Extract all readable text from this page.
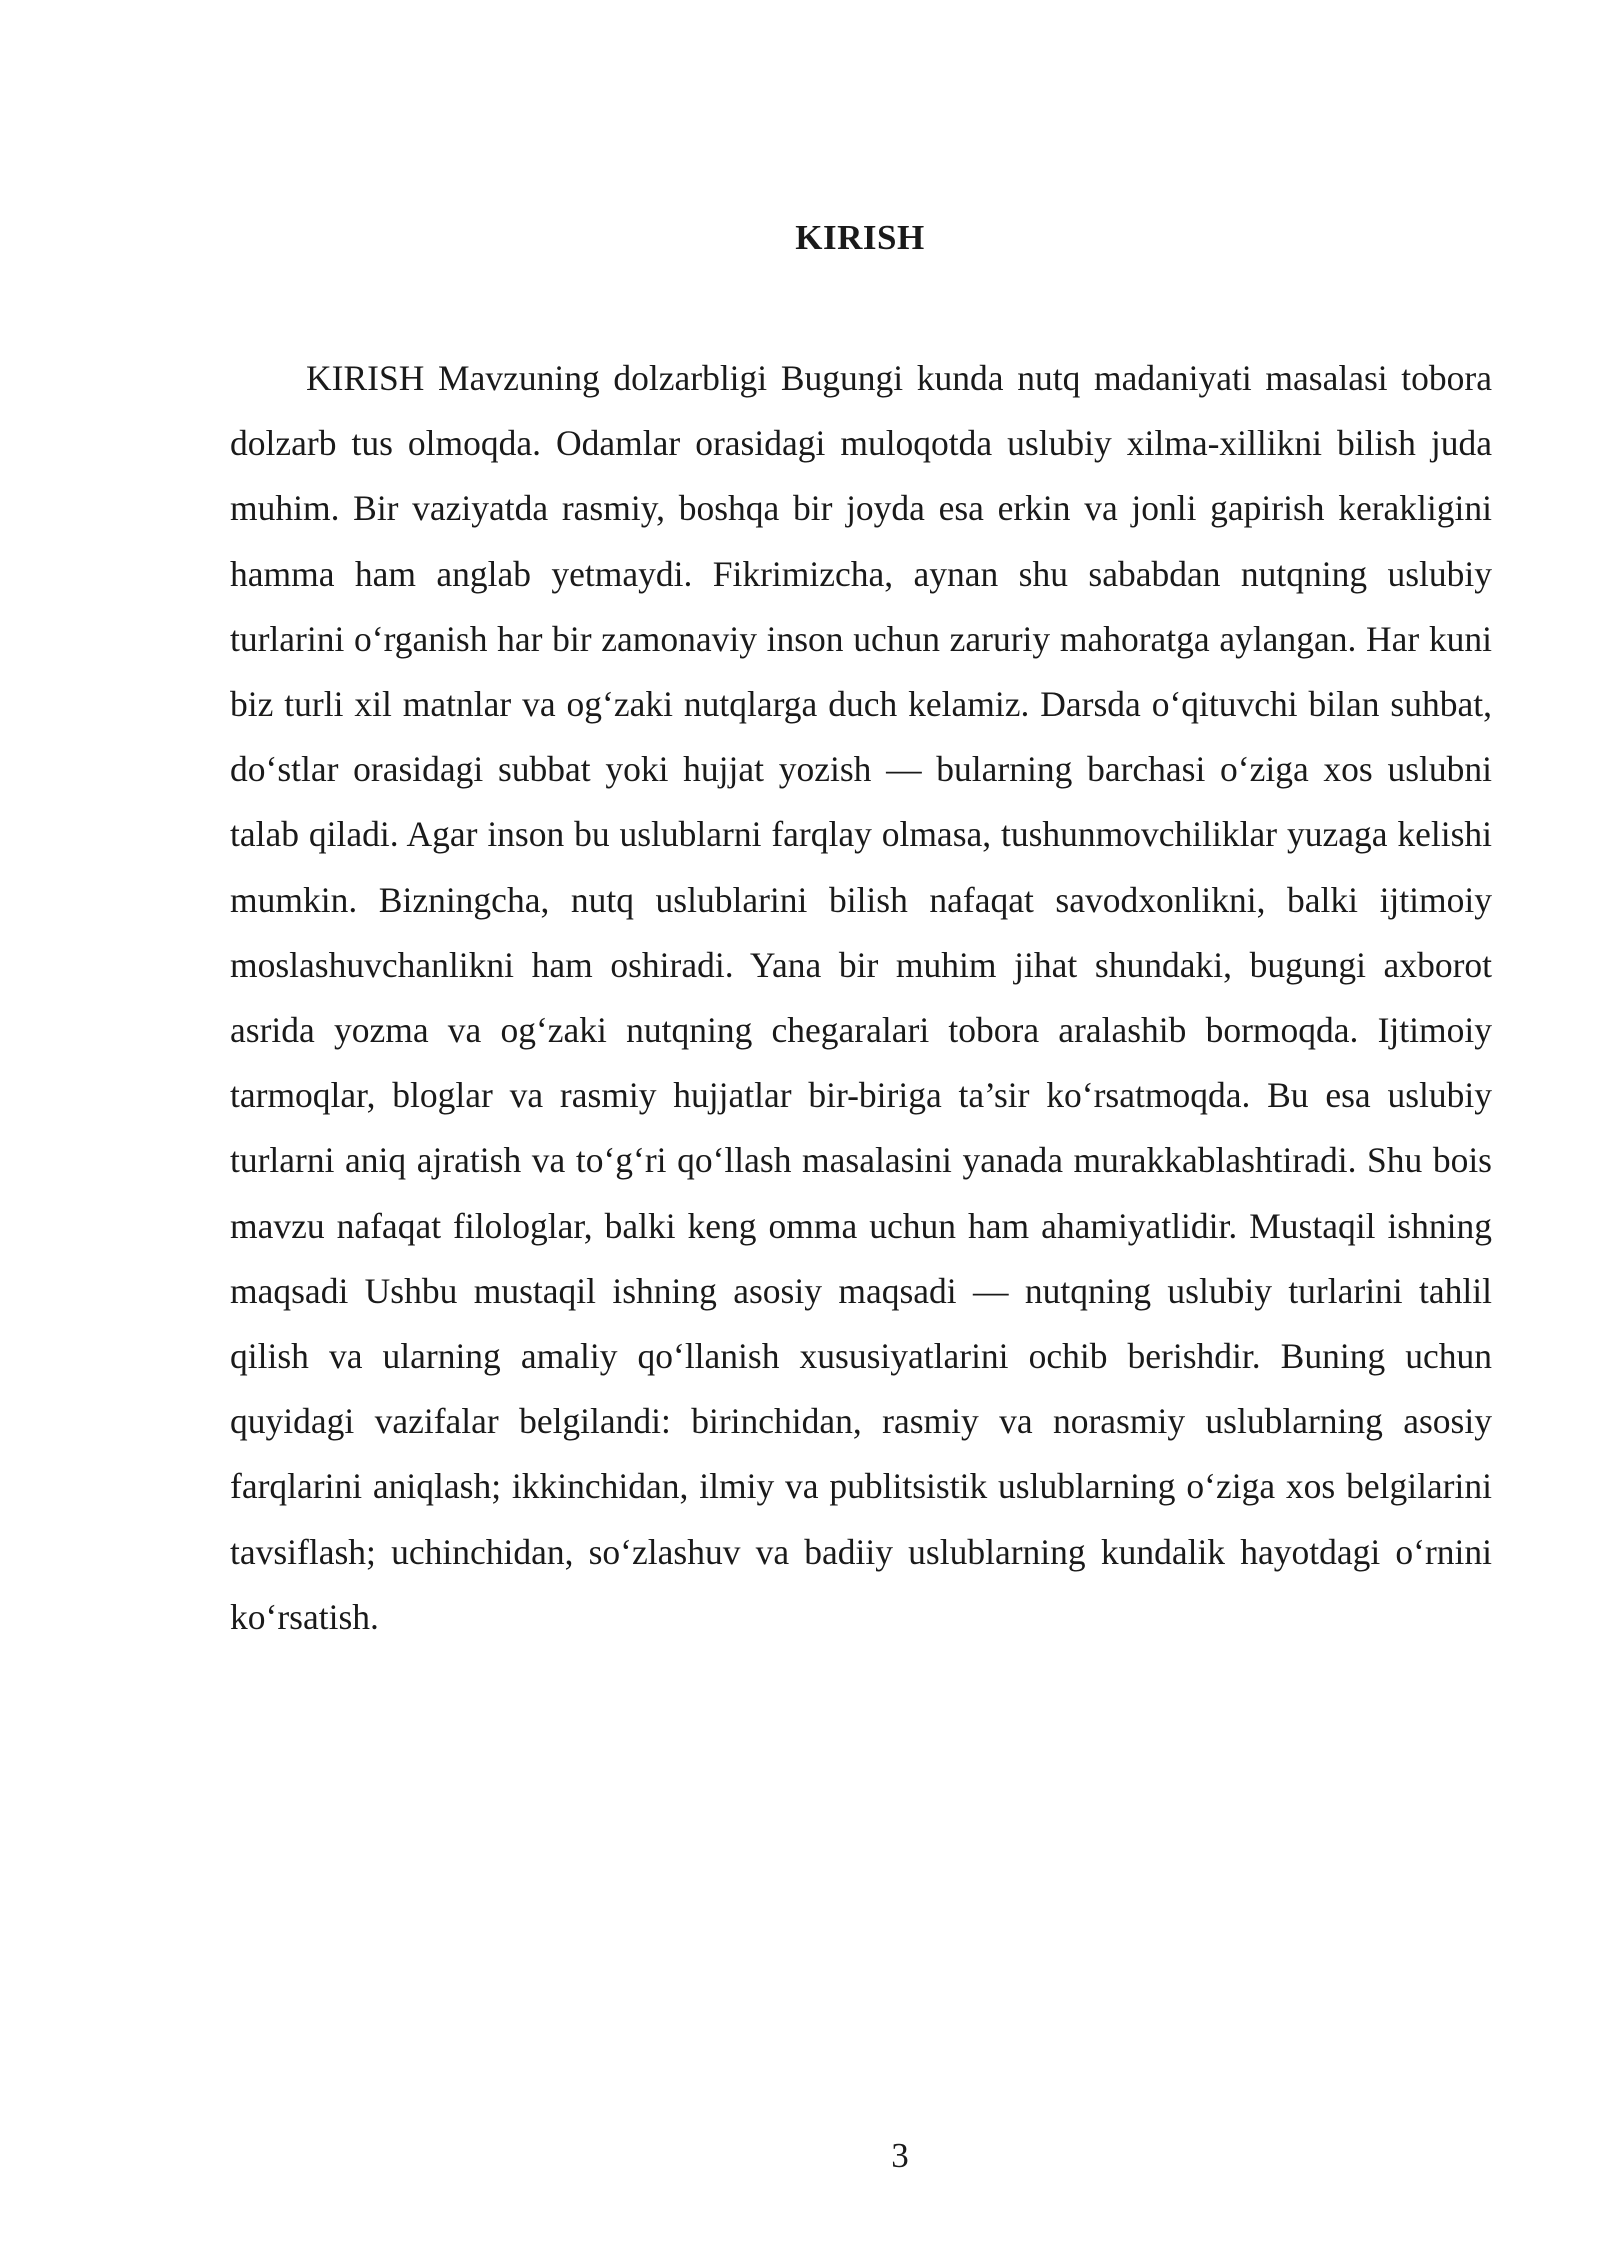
KIRISH

KIRISH Mavzuning dolzarbligi Bugungi kunda nutq madaniyati masalasi tobora dolzarb tus olmoqda. Odamlar orasidagi muloqotda uslubiy xilma-xillikni bilish juda muhim. Bir vaziyatda rasmiy, boshqa bir joyda esa erkin va jonli gapirish kerakligini hamma ham anglab yetmaydi. Fikrimizcha, aynan shu sababdan nutqning uslubiy turlarini o‘rganish har bir zamonaviy inson uchun zaruriy mahoratga aylangan. Har kuni biz turli xil matnlar va og‘zaki nutqlarga duch kelamiz. Darsda o‘qituvchi bilan suhbat, do‘stlar orasidagi subbat yoki hujjat yozish — bularning barchasi o‘ziga xos uslubni talab qiladi. Agar inson bu uslublarni farqlay olmasa, tushunmovchiliklar yuzaga kelishi mumkin. Bizningcha, nutq uslublarini bilish nafaqat savodxonlikni, balki ijtimoiy moslashuvchanlikni ham oshiradi. Yana bir muhim jihat shundaki, bugungi axborot asrida yozma va og‘zaki nutqning chegaralari tobora aralashib bormoqda. Ijtimoiy tarmoqlar, bloglar va rasmiy hujjatlar bir-biriga ta’sir ko‘rsatmoqda. Bu esa uslubiy turlarni aniq ajratish va to‘g‘ri qo‘llash masalasini yanada murakkablashtiradi. Shu bois mavzu nafaqat filologlar, balki keng omma uchun ham ahamiyatlidir. Mustaqil ishning maqsadi Ushbu mustaqil ishning asosiy maqsadi — nutqning uslubiy turlarini tahlil qilish va ularning amaliy qo‘llanish xususiyatlarini ochib berishdir. Buning uchun quyidagi vazifalar belgilandi: birinchidan, rasmiy va norasmiy uslublarning asosiy farqlarini aniqlash; ikkinchidan, ilmiy va publitsistik uslublarning o‘ziga xos belgilarini tavsiflash; uchinchidan, so‘zlashuv va badiiy uslublarning kundalik hayotdagi o‘rnini ko‘rsatish.

3
